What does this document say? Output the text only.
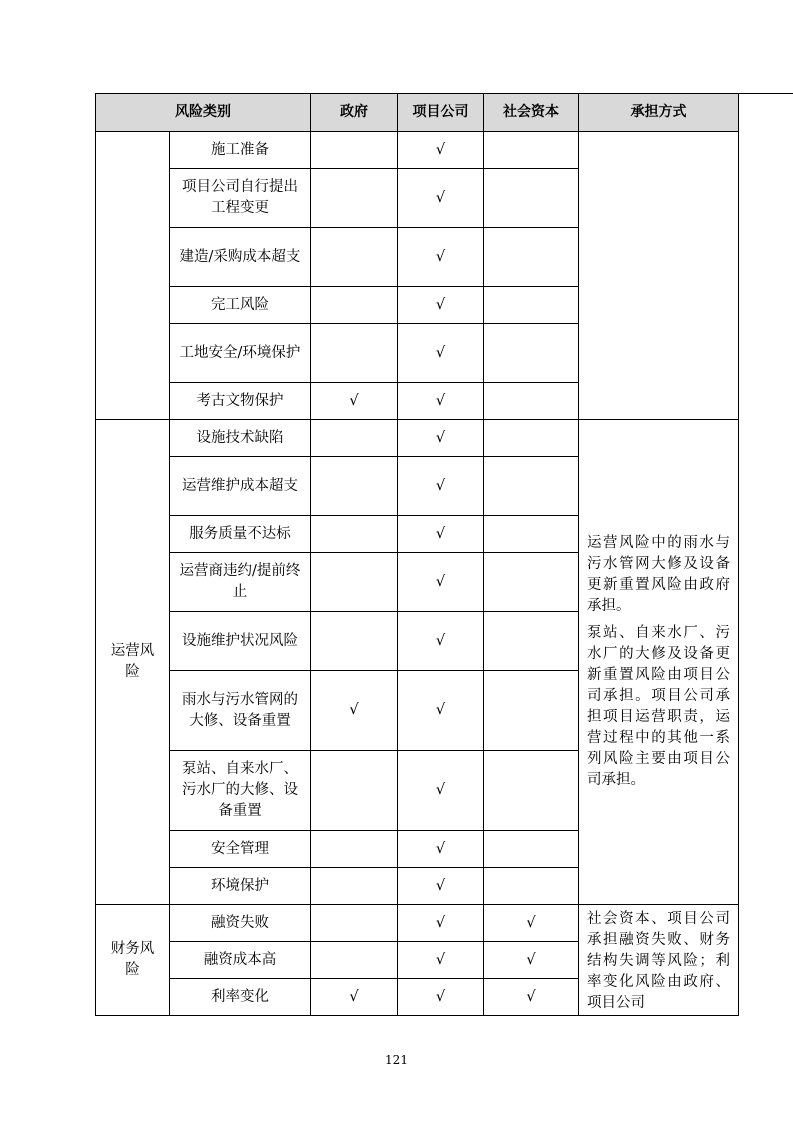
风险类别		政府	项目公司	社会资本	承担方式
	施工准备		√		
	项目公司自行提出工程变更		√		
	建造/采购成本超支		√		
	完工风险		√		
	工地安全/环境保护		√		
	考古文物保护	√	√		
运营风险	设施技术缺陷		√		运营风险中的雨水与污水管网大修及设备更新重置风险由政府承担。

泵站、自来水厂、污水厂的大修及设备更新重置风险由项目公司承担。项目公司承担项目运营职责，运营过程中的其他一系列风险主要由项目公司承担。

	运营维护成本超支		√		
	服务质量不达标		√		
	运营商违约/提前终止		√		
	设施维护状况风险		√		
	雨水与污水管网的大修、设备重置	√	√		
	泵站、自来水厂、污水厂的大修、设备重置		√		
	安全管理		√		
	环境保护		√		
财务风险	融资失败		√	√	社会资本、项目公司承担融资失败、财务结构失调等风险；利率变化风险由政府、项目公司

	融资成本高		√	√	
	利率变化	√	√	√	
121
